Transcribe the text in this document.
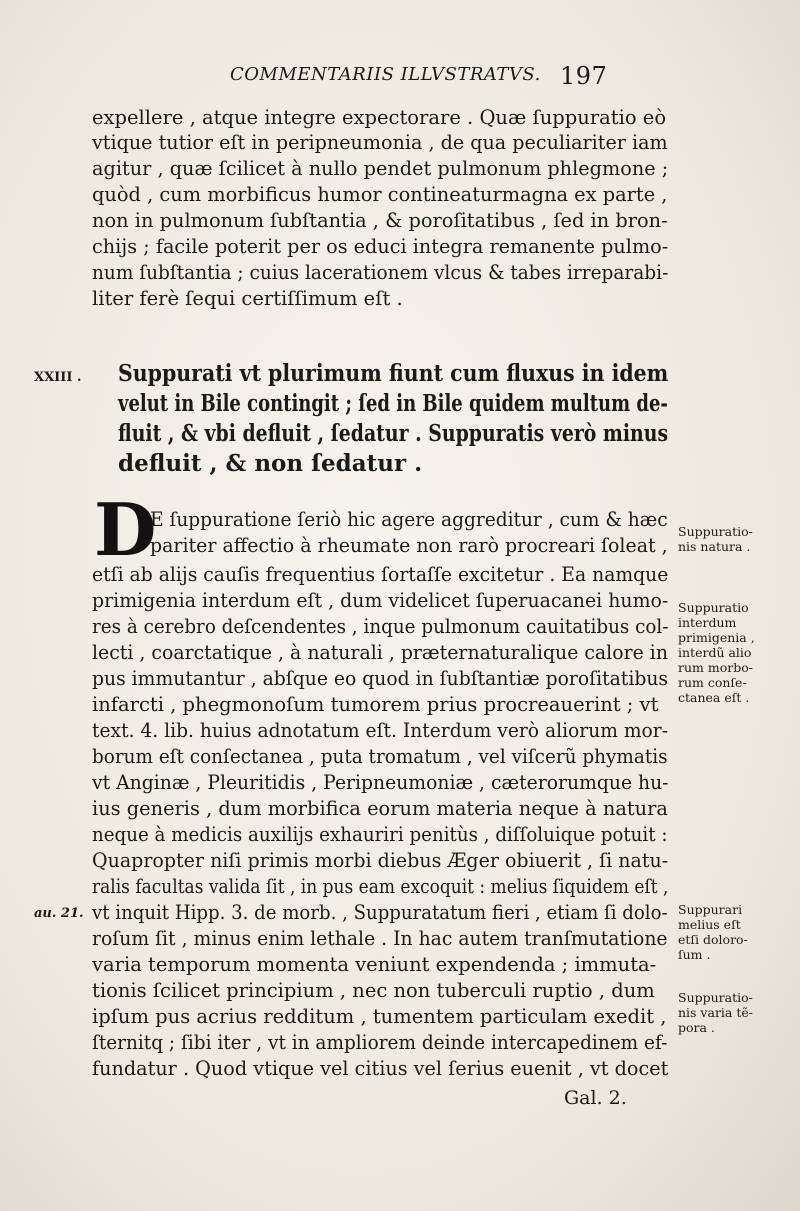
COMMENTARIIS ILLVSTRATVS. 197
expellere , atque integre expectorare . Quæ ſuppuratio eò
vtique tutior eſt in peripneumonia , de qua peculiariter iam
agitur , quæ ſcilicet à nullo pendet pulmonum phlegmone ;
quòd , cum morbificus humor contineaturmagna ex parte ,
non in pulmonum ſubſtantia , & poroſitatibus , ſed in bron-
chijs ; facile poterit per os educi integra remanente pulmo-
num ſubſtantia ; cuius lacerationem vlcus & tabes irreparabi-
liter ferè ſequi certiſſimum eſt .
XXIII . Suppurati vt plurimum fiunt cum fluxus in idem
velut in Bile contingit ; ſed in Bile quidem multum de-
fluit , & vbi defluit , ſedatur . Suppuratis verò minus
defluit , & non ſedatur .
D
E ſuppuratione ſeriò hic agere aggreditur , cum & hæc
pariter affectio à rheumate non rarò procreari ſoleat ,
etſi ab alijs cauſis frequentius ſortaſſe excitetur . Ea namque
primigenia interdum eſt , dum videlicet ſuperuacanei humo-
res à cerebro deſcendentes , inque pulmonum cauitatibus col-
lecti , coarctatique , à naturali , præternaturalique calore in
pus immutantur , abſque eo quod in ſubſtantiæ poroſitatibus
infarcti , phegmonoſum tumorem prius procreauerint ; vt
text. 4. lib. huius adnotatum eſt. Interdum verò aliorum mor-
borum eſt conſectanea , puta tromatum , vel viſcerũ phymatis
vt Anginæ , Pleuritidis , Peripneumoniæ , cæterorumque hu-
ius generis , dum morbifica eorum materia neque à natura
neque à medicis auxilijs exhauriri penitùs , diſſoluique potuit :
Quapropter niſi primis morbi diebus Æger obiuerit , ſi natu-
ralis facultas valida ſit , in pus eam excoquit : melius ſiquidem eſt ,
vt inquit Hipp. 3. de morb. , Suppuratatum fieri , etiam ſi dolo-
roſum ſit , minus enim lethale . In hac autem tranſmutatione
varia temporum momenta veniunt expendenda ; immuta-
tionis ſcilicet principium , nec non tuberculi ruptio , dum
ipſum pus acrius redditum , tumentem particulam exedit ,
ſternitq ; ſibi iter , vt in ampliorem deinde intercapedinem ef-
fundatur . Quod vtique vel citius vel ſerius euenit , vt docet
au. 21.
Gal. 2.
Suppuratio-
nis natura .
Suppuratio
interdum
primigenia ,
interdũ alio
rum morbo-
rum conſe-
ctanea eſt .
Suppurari
melius eſt
etſi doloro-
ſum .
Suppuratio-
nis varia tẽ-
pora .
